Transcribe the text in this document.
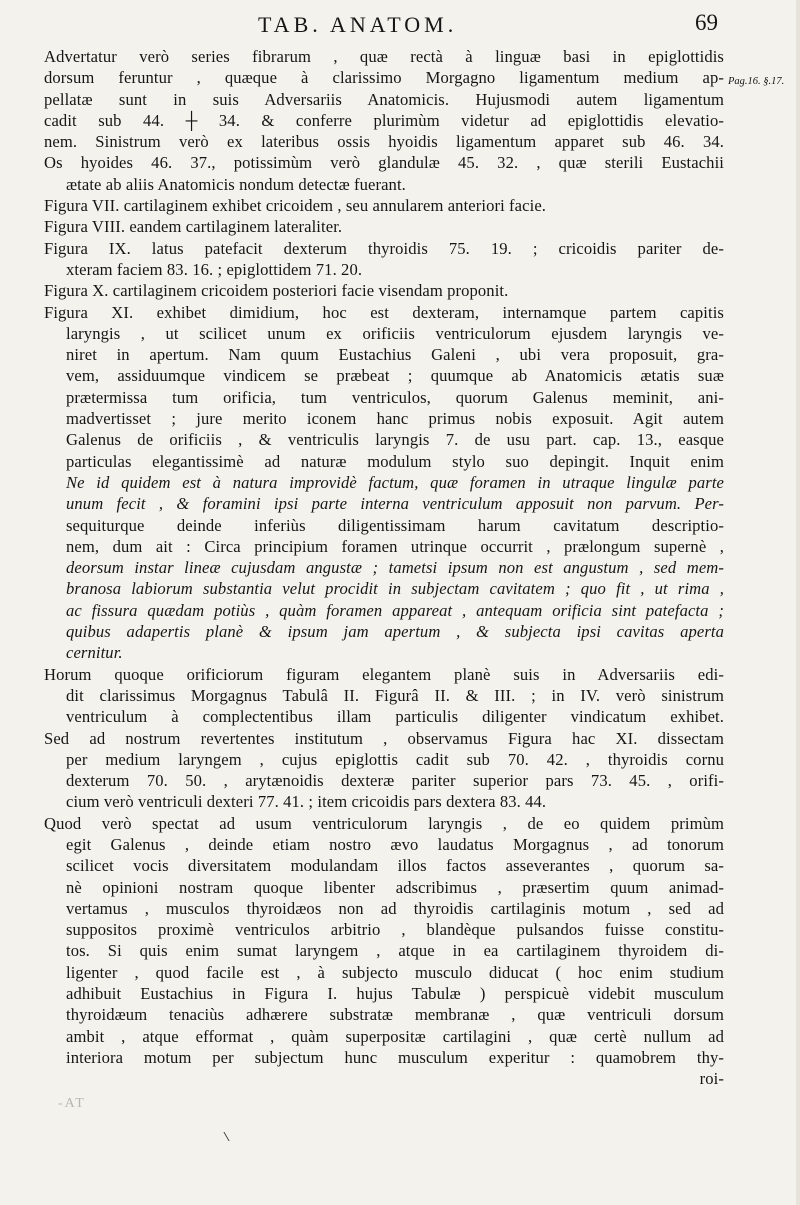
TAB. ANATOM.	69
Pag.16. §.17.
Advertatur verò series fibrarum , quæ rectà à linguæ basi in epiglottidis
dorsum feruntur , quæque à clarissimo Morgagno ligamentum medium ap-
pellatæ sunt in suis Adversariis Anatomicis. Hujusmodi autem ligamentum
cadit sub 44. ┼ 34. & conferre plurimùm videtur ad epiglottidis elevatio-
nem. Sinistrum verò ex lateribus ossis hyoidis ligamentum apparet sub 46. 34.
Os hyoides 46. 37., potissimùm verò glandulæ 45. 32. , quæ sterili Eustachii
ætate ab aliis Anatomicis nondum detectæ fuerant.
Figura VII. cartilaginem exhibet cricoidem , seu annularem anteriori facie.
Figura VIII. eandem cartilaginem lateraliter.
Figura IX. latus patefacit dexterum thyroidis 75. 19. ; cricoidis pariter de-
xteram faciem 83. 16. ; epiglottidem 71. 20.
Figura X. cartilaginem cricoidem posteriori facie visendam proponit.
Figura XI. exhibet dimidium, hoc est dexteram, internamque partem capitis
laryngis , ut scilicet unum ex orificiis ventriculorum ejusdem laryngis ve-
niret in apertum. Nam quum Eustachius Galeni , ubi vera proposuit, gra-
vem, assiduumque vindicem se præbeat ; quumque ab Anatomicis ætatis suæ
prætermissa tum orificia, tum ventriculos, quorum Galenus meminit, ani-
madvertisset ; jure merito iconem hanc primus nobis exposuit. Agit autem
Galenus de orificiis , & ventriculis laryngis 7. de usu part. cap. 13., easque
particulas elegantissimè ad naturæ modulum stylo suo depingit. Inquit enim
Ne id quidem est à natura improvidè factum, quæ foramen in utraque lingulæ parte
unum fecit , & foramini ipsi parte interna ventriculum apposuit non parvum. Per-
sequiturque deinde inferiùs diligentissimam harum cavitatum descriptio-
nem, dum ait : Circa principium foramen utrinque occurrit , prælongum supernè ,
deorsum instar lineæ cujusdam angustæ ; tametsi ipsum non est angustum , sed mem-
branosa labiorum substantia velut procidit in subjectam cavitatem ; quo fit , ut rima ,
ac fissura quædam potiùs , quàm foramen appareat , antequam orificia sint patefacta ;
quibus adapertis planè & ipsum jam apertum , & subjecta ipsi cavitas aperta
cernitur.
Horum quoque orificiorum figuram elegantem planè suis in Adversariis edi-
dit clarissimus Morgagnus Tabulâ II. Figurâ II. & III. ; in IV. verò sinistrum
ventriculum à complectentibus illam particulis diligenter vindicatum exhibet.
Sed ad nostrum revertentes institutum , observamus Figura hac XI. dissectam
per medium laryngem , cujus epiglottis cadit sub 70. 42. , thyroidis cornu
dexterum 70. 50. , arytænoidis dexteræ pariter superior pars 73. 45. , orifi-
cium verò ventriculi dexteri 77. 41. ; item cricoidis pars dextera 83. 44.
Quod verò spectat ad usum ventriculorum laryngis , de eo quidem primùm
egit Galenus , deinde etiam nostro ævo laudatus Morgagnus , ad tonorum
scilicet vocis diversitatem modulandam illos factos asseverantes , quorum sa-
nè opinioni nostram quoque libenter adscribimus , præsertim quum animad-
vertamus , musculos thyroidæos non ad thyroidis cartilaginis motum , sed ad
suppositos proximè ventriculos arbitrio , blandèque pulsandos fuisse constitu-
tos. Si quis enim sumat laryngem , atque in ea cartilaginem thyroidem di-
ligenter , quod facile est , à subjecto musculo diducat ( hoc enim studium
adhibuit Eustachius in Figura I. hujus Tabulæ ) perspicuè videbit musculum
thyroidæum tenaciùs adhærere substratæ membranæ , quæ ventriculi dorsum
ambit , atque efformat , quàm superpositæ cartilagini , quæ certè nullum ad
interiora motum per subjectum hunc musculum experitur : quamobrem thy-
roi-
-AT
